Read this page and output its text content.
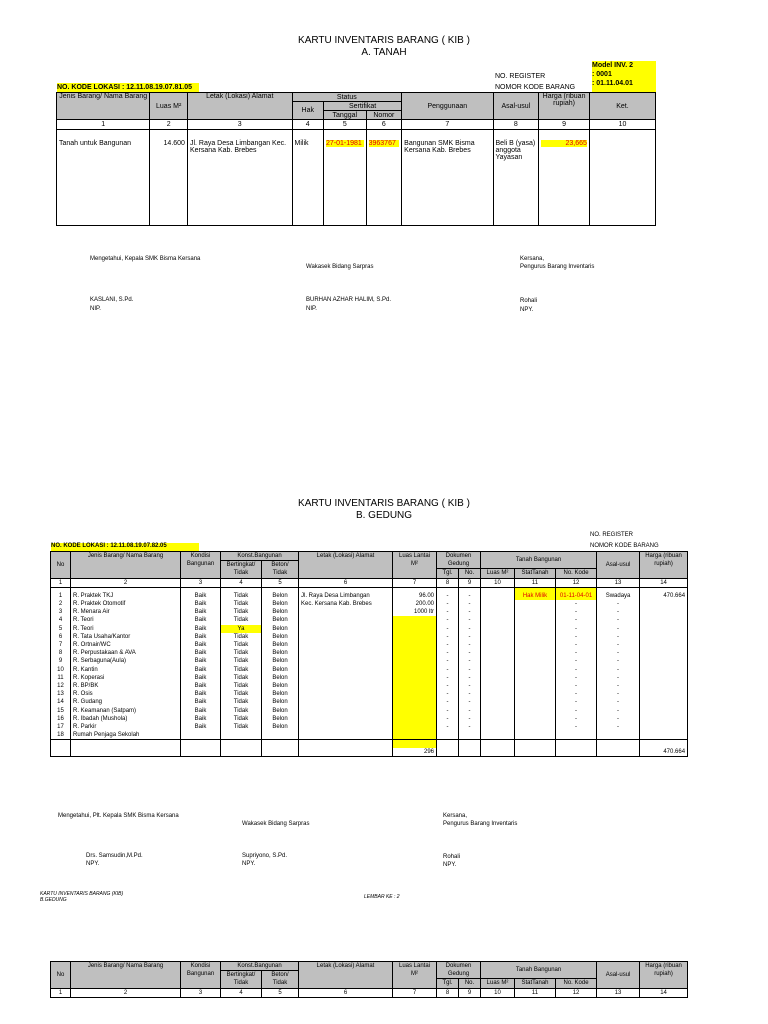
KARTU INVENTARIS BARANG ( KIB )
A. TANAH
Model INV. 2
: 0001
: 01.11.04.01
NO. REGISTER
NOMOR KODE BARANG
NO. KODE LOKASI : 12.11.08.19.07.81.05
Jenis Barang/ Nama Barang	Luas M²	Letak (Lokasi) Alamat	Status			Penggunaan	Asal-usul	Harga (ribuan rupiah)	Ket.
			Hak	Sertifikat					
				Tanggal	Nomor				
1	2	3	4	5	6	7	8	9	10
Tanah untuk Bangunan	14.600	Jl. Raya Desa Limbangan Kec. Kersana Kab. Brebes	Milik	27-01-1981	3963767	Bangunan SMK Bisma Kersana Kab. Brebes	Beli B (yasa) anggota Yayasan	23,665	

Mengetahui, Kepala SMK Bisma Kersana
Wakasek Bidang Sarpras
Kersana,
Pengurus Barang Inventaris
KASLANI, S.Pd.
NIP.
BURHAN AZHAR HALIM, S.Pd.
NIP.
Rohali
NPY.
KARTU INVENTARIS BARANG ( KIB )
B. GEDUNG
NO. REGISTER
NOMOR KODE BARANG
NO. KODE LOKASI : 12.11.08.19.07.82.05
No	Jenis Barang/ Nama Barang	Kondisi Bangunan	Konst.Bangunan		Letak (Lokasi) Alamat	Luas Lantai M²	Dokumen Gedung		Tanah Bangunan			Asal-usul	Harga (ribuan rupiah)
			Bertingkat/ Tidak	Beton/ Tidak									
							Tgl.	No.	Luas M²	StatTanah	No. Kode		
1	2	3	4	5	6	7	8	9	10	11	12	13	14
1	R. Praktek TKJ	Baik	Tidak	Belon	Jl. Raya Desa Limbangan	96.00	-	-		Hak Milik	01-11-04-01	Swadaya	470.664
2	R. Praktek Otomotif	Baik	Tidak	Belon	Kec. Kersana Kab. Brebes	200.00	-	-			-	-	
3	R. Menara Air	Baik	Tidak	Belon		1000 ltr	-	-			-	-	
4	R. Teori	Baik	Tidak	Belon			-	-			-	-	
5	R. Teori	Baik	Ya	Belon			-	-			-	-	
6	R. Tata Usaha/Kantor	Baik	Tidak	Belon			-	-			-	-	
7	R. Ortnair/WC	Baik	Tidak	Belon			-	-			-	-	
8	R. Perpustakaan & AVA	Baik	Tidak	Belon			-	-			-	-	
9	R. Serbaguna(Aula)	Baik	Tidak	Belon			-	-			-	-	
10	R. Kantin	Baik	Tidak	Belon			-	-			-	-	
11	R. Koperasi	Baik	Tidak	Belon			-	-			-	-	
12	R. BP/BK	Baik	Tidak	Belon			-	-			-	-	
13	R. Osis	Baik	Tidak	Belon			-	-			-	-	
14	R. Gudang	Baik	Tidak	Belon			-	-			-	-	
15	R. Keamanan (Satpam)	Baik	Tidak	Belon			-	-			-	-	
16	R. Ibadah (Mushola)	Baik	Tidak	Belon			-	-			-	-	
17	R. Parkir	Baik	Tidak	Belon			-	-			-	-	
18	Rumah Penjaga Sekolah												

						296							470.664
Mengetahui, Plt. Kepala SMK Bisma Kersana
Wakasek Bidang Sarpras
Kersana,
Pengurus Barang Inventaris
Drs. Samsudin,M.Pd.
NPY.
Supriyono, S.Pd.
NPY.
Rohali
NPY.
KARTU INVENTARIS BARANG (KIB) B.GEDUNG	LEMBAR KE : 2
No	Jenis Barang/ Nama Barang	Kondisi Bangunan	Konst.Bangunan		Letak (Lokasi) Alamat	Luas Lantai M²	Dokumen Gedung		Tanah Bangunan			Asal-usul	Harga (ribuan rupiah)
			Bertingkat/ Tidak	Beton/ Tidak									
							Tgl.	No.	Luas M²	StatTanah	No. Kode		
1	2	3	4	5	6	7	8	9	10	11	12	13	14
